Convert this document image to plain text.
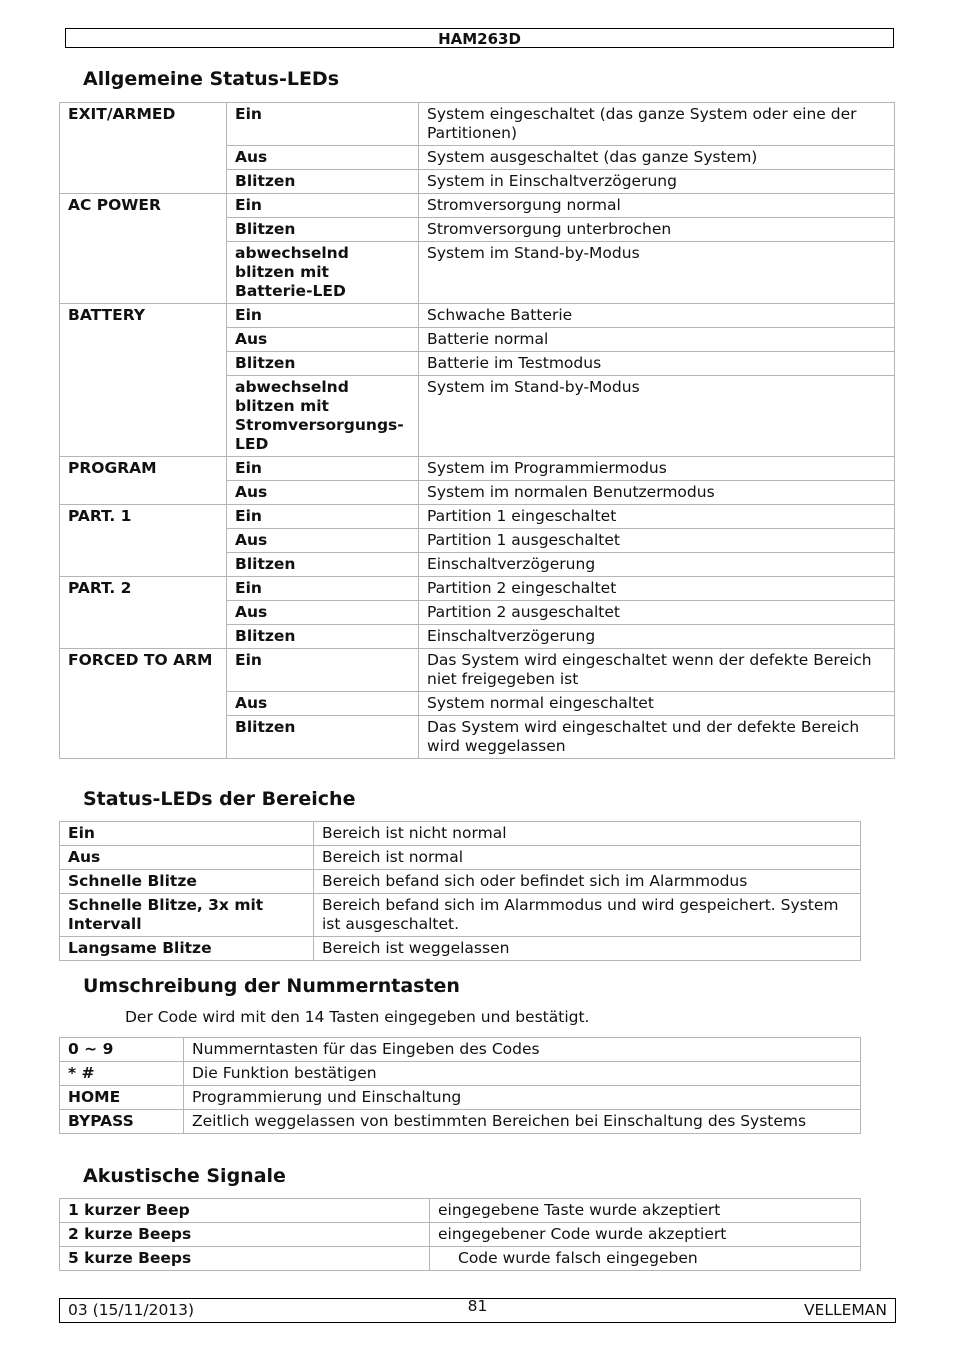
HAM263D
Allgemeine Status-LEDs
EXIT/ARMED	Ein	System eingeschaltet (das ganze System oder eine der Partitionen)
	Aus	System ausgeschaltet (das ganze System)
	Blitzen	System in Einschaltverzögerung
AC POWER	Ein	Stromversorgung normal
	Blitzen	Stromversorgung unterbrochen
	abwechselnd blitzen mit Batterie-LED	System im Stand-by-Modus
BATTERY	Ein	Schwache Batterie
	Aus	Batterie normal
	Blitzen	Batterie im Testmodus
	abwechselnd blitzen mit Stromversorgungs-LED	System im Stand-by-Modus
PROGRAM	Ein	System im Programmiermodus
	Aus	System im normalen Benutzermodus
PART. 1	Ein	Partition 1 eingeschaltet
	Aus	Partition 1 ausgeschaltet
	Blitzen	Einschaltverzögerung
PART. 2	Ein	Partition 2 eingeschaltet
	Aus	Partition 2 ausgeschaltet
	Blitzen	Einschaltverzögerung
FORCED TO ARM	Ein	Das System wird eingeschaltet wenn der defekte Bereich niet freigegeben ist
	Aus	System normal eingeschaltet
	Blitzen	Das System wird eingeschaltet und der defekte Bereich wird weggelassen
Status-LEDs der Bereiche
Ein	Bereich ist nicht normal
Aus	Bereich ist normal
Schnelle Blitze	Bereich befand sich oder befindet sich im Alarmmodus
Schnelle Blitze, 3x mit Intervall	Bereich befand sich im Alarmmodus und wird gespeichert. System ist ausgeschaltet.
Langsame Blitze	Bereich ist weggelassen
Umschreibung der Nummerntasten
Der Code wird mit den 14 Tasten eingegeben und bestätigt.
0 ~ 9	Nummerntasten für das Eingeben des Codes
* #	Die Funktion bestätigen
HOME	Programmierung und Einschaltung
BYPASS	Zeitlich weggelassen von bestimmten Bereichen bei Einschaltung des Systems
Akustische Signale
1 kurzer Beep	eingegebene Taste wurde akzeptiert
2 kurze Beeps	eingegebener Code wurde akzeptiert
5 kurze Beeps	Code wurde falsch eingegeben
03 (15/11/2013)	81	VELLEMAN
